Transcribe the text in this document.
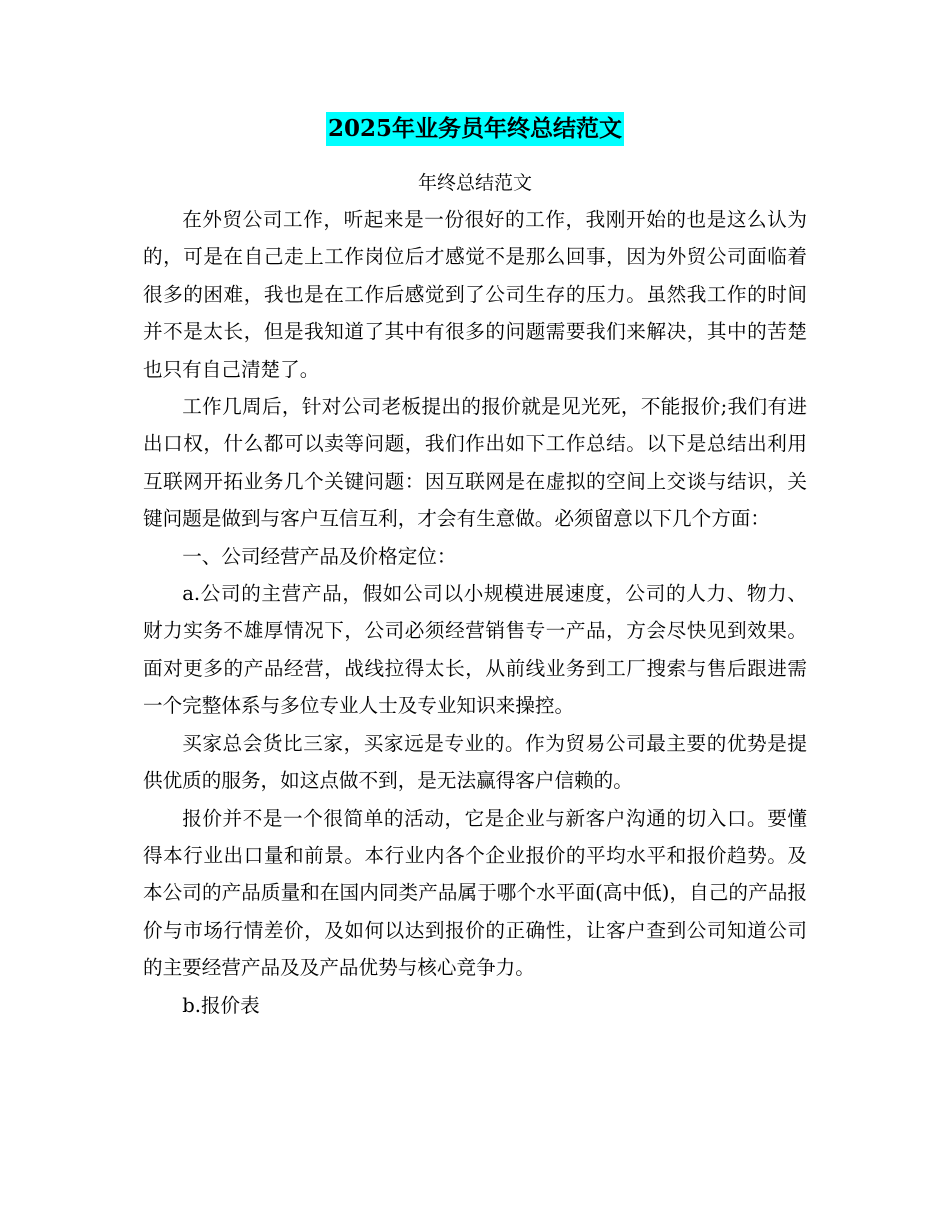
2025年业务员年终总结范文
年终总结范文

在外贸公司工作，听起来是一份很好的工作，我刚开始的也是这么认为的，可是在自己走上工作岗位后才感觉不是那么回事，因为外贸公司面临着很多的困难，我也是在工作后感觉到了公司生存的压力。虽然我工作的时间并不是太长，但是我知道了其中有很多的问题需要我们来解决，其中的苦楚也只有自己清楚了。

工作几周后，针对公司老板提出的报价就是见光死，不能报价;我们有进出口权，什么都可以卖等问题，我们作出如下工作总结。以下是总结出利用互联网开拓业务几个关键问题：因互联网是在虚拟的空间上交谈与结识，关键问题是做到与客户互信互利，才会有生意做。必须留意以下几个方面：

一、公司经营产品及价格定位：

a.公司的主营产品，假如公司以小规模进展速度，公司的人力、物力、财力实务不雄厚情况下，公司必须经营销售专一产品，方会尽快见到效果。面对更多的产品经营，战线拉得太长，从前线业务到工厂搜索与售后跟进需一个完整体系与多位专业人士及专业知识来操控。

买家总会货比三家，买家远是专业的。作为贸易公司最主要的优势是提供优质的服务，如这点做不到，是无法赢得客户信赖的。

报价并不是一个很简单的活动，它是企业与新客户沟通的切入口。要懂得本行业出口量和前景。本行业内各个企业报价的平均水平和报价趋势。及本公司的产品质量和在国内同类产品属于哪个水平面(高中低)，自己的产品报价与市场行情差价，及如何以达到报价的正确性，让客户查到公司知道公司的主要经营产品及及产品优势与核心竞争力。

b.报价表
